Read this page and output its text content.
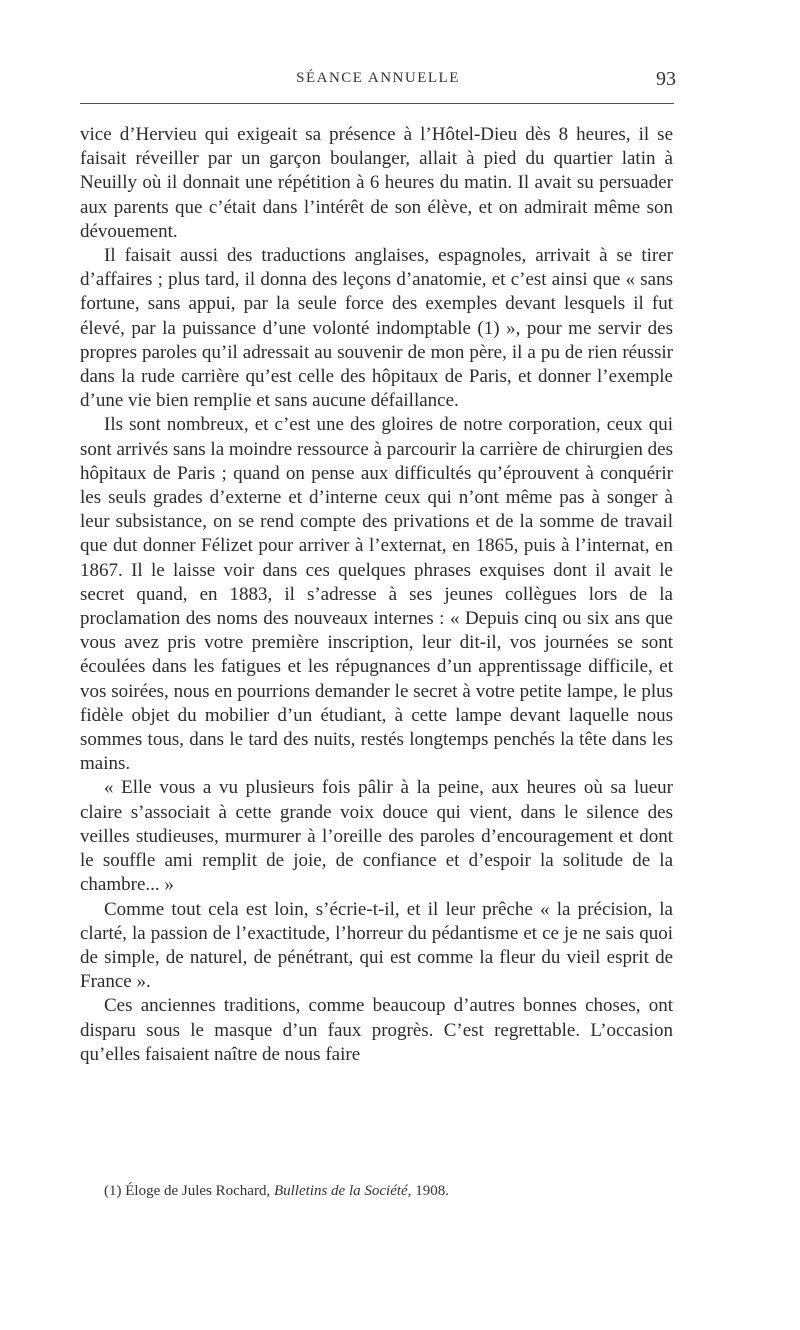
SÉANCE ANNUELLE	93

vice d’Hervieu qui exigeait sa présence à l’Hôtel-Dieu dès 8 heures, il se faisait réveiller par un garçon boulanger, allait à pied du quartier latin à Neuilly où il donnait une répétition à 6 heures du matin. Il avait su persuader aux parents que c’était dans l’intérêt de son élève, et on admirait même son dévouement.

Il faisait aussi des traductions anglaises, espagnoles, arrivait à se tirer d’affaires ; plus tard, il donna des leçons d’anatomie, et c’est ainsi que « sans fortune, sans appui, par la seule force des exemples devant lesquels il fut élevé, par la puissance d’une volonté indomptable (1) », pour me servir des propres paroles qu’il adressait au souvenir de mon père, il a pu de rien réussir dans la rude carrière qu’est celle des hôpitaux de Paris, et donner l’exemple d’une vie bien remplie et sans aucune défaillance.

Ils sont nombreux, et c’est une des gloires de notre corporation, ceux qui sont arrivés sans la moindre ressource à parcourir la carrière de chirurgien des hôpitaux de Paris ; quand on pense aux difficultés qu’éprouvent à conquérir les seuls grades d’externe et d’interne ceux qui n’ont même pas à songer à leur subsistance, on se rend compte des privations et de la somme de travail que dut donner Félizet pour arriver à l’externat, en 1865, puis à l’internat, en 1867. Il le laisse voir dans ces quelques phrases exquises dont il avait le secret quand, en 1883, il s’adresse à ses jeunes collègues lors de la proclamation des noms des nouveaux internes : « Depuis cinq ou six ans que vous avez pris votre première inscription, leur dit-il, vos journées se sont écoulées dans les fatigues et les répugnances d’un apprentissage difficile, et vos soirées, nous en pourrions demander le secret à votre petite lampe, le plus fidèle objet du mobilier d’un étudiant, à cette lampe devant laquelle nous sommes tous, dans le tard des nuits, restés longtemps penchés la tête dans les mains.

« Elle vous a vu plusieurs fois pâlir à la peine, aux heures où sa lueur claire s’associait à cette grande voix douce qui vient, dans le silence des veilles studieuses, murmurer à l’oreille des paroles d’encouragement et dont le souffle ami remplit de joie, de confiance et d’espoir la solitude de la chambre... »

Comme tout cela est loin, s’écrie-t-il, et il leur prêche « la précision, la clarté, la passion de l’exactitude, l’horreur du pédantisme et ce je ne sais quoi de simple, de naturel, de pénétrant, qui est comme la fleur du vieil esprit de France ».

Ces anciennes traditions, comme beaucoup d’autres bonnes choses, ont disparu sous le masque d’un faux progrès. C’est regrettable. L’occasion qu’elles faisaient naître de nous faire

(1) Éloge de Jules Rochard, Bulletins de la Société, 1908.
